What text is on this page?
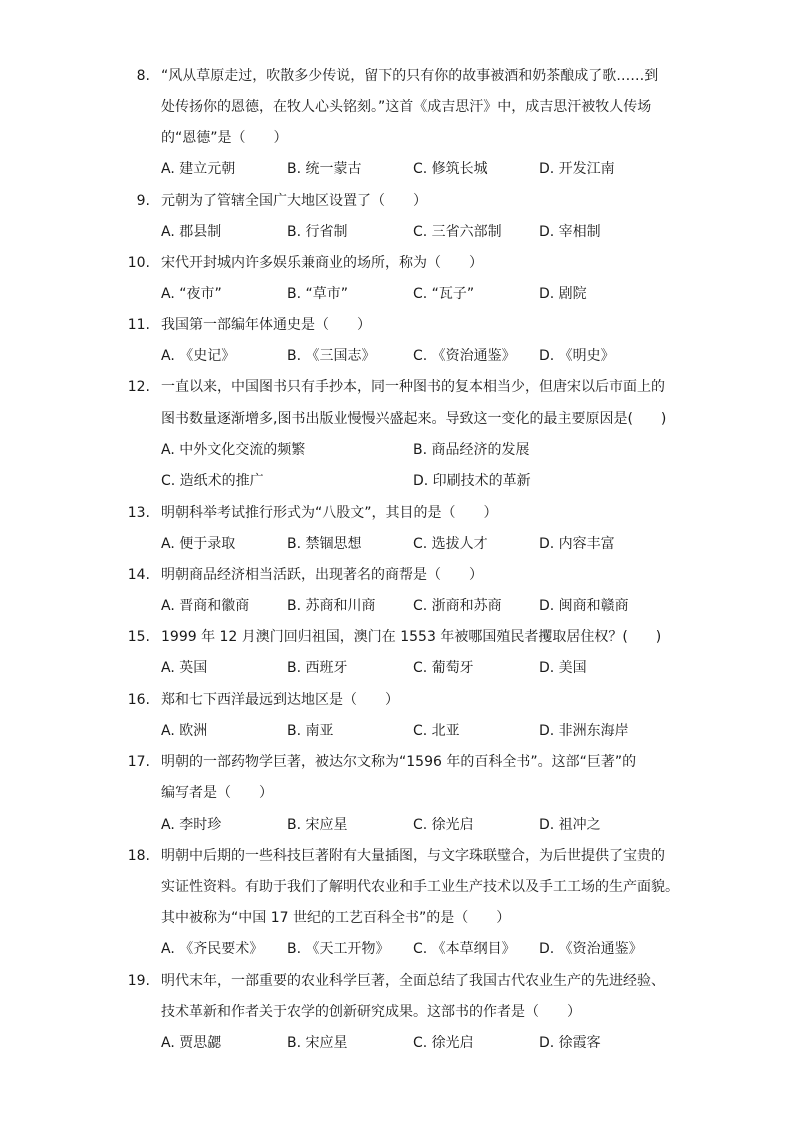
8. “风从草原走过，吹散多少传说，留下的只有你的故事被酒和奶茶酿成了歌……到
处传扬你的恩德，在牧人心头铭刻。”这首《成吉思汗》中，成吉思汗被牧人传场
的“恩德”是（　　）
A. 建立元朝	B. 统一蒙古	C. 修筑长城	D. 开发江南
9. 元朝为了管辖全国广大地区设置了（　　）
A. 郡县制	B. 行省制	C. 三省六部制	D. 宰相制
10. 宋代开封城内许多娱乐兼商业的场所，称为（　　）
A. “夜市”	B. “草市”	C. “瓦子”	D. 剧院
11. 我国第一部编年体通史是（　　）
A. 《史记》	B. 《三国志》	C. 《资治通鉴》 D. 《明史》
12. 一直以来，中国图书只有手抄本，同一种图书的复本相当少，但唐宋以后市面上的
图书数量逐渐增多,图书出版业慢慢兴盛起来。导致这一变化的最主要原因是(　　)
A. 中外文化交流的频繁	B. 商品经济的发展
C. 造纸术的推广	D. 印刷技术的革新
13. 明朝科举考试推行形式为“八股文”，其目的是（　　）
A. 便于录取	B. 禁锢思想	C. 选拔人才	D. 内容丰富
14. 明朝商品经济相当活跃，出现著名的商帮是（　　）
A. 晋商和徽商	B. 苏商和川商	C. 浙商和苏商	D. 闽商和赣商
15. 1999 年 12 月澳门回归祖国，澳门在 1553 年被哪国殖民者攫取居住权？(　　)
A. 英国	B. 西班牙	C. 葡萄牙	D. 美国
16. 郑和七下西洋最远到达地区是（　　）
A. 欧洲	B. 南亚	C. 北亚	D. 非洲东海岸
17. 明朝的一部药物学巨著，被达尔文称为“1596 年的百科全书”。这部“巨著”的
编写者是（　　）
A. 李时珍	B. 宋应星	C. 徐光启	D. 祖冲之
18. 明朝中后期的一些科技巨著附有大量插图，与文字珠联璧合，为后世提供了宝贵的
实证性资料。有助于我们了解明代农业和手工业生产技术以及手工工场的生产面貌。
其中被称为“中国 17 世纪的工艺百科全书”的是（　　）
A. 《齐民要术》 B. 《天工开物》 C. 《本草纲目》 D. 《资治通鉴》
19. 明代末年，一部重要的农业科学巨著，全面总结了我国古代农业生产的先进经验、
技术革新和作者关于农学的创新研究成果。这部书的作者是（　　）
A. 贾思勰	B. 宋应星	C. 徐光启	D. 徐霞客
